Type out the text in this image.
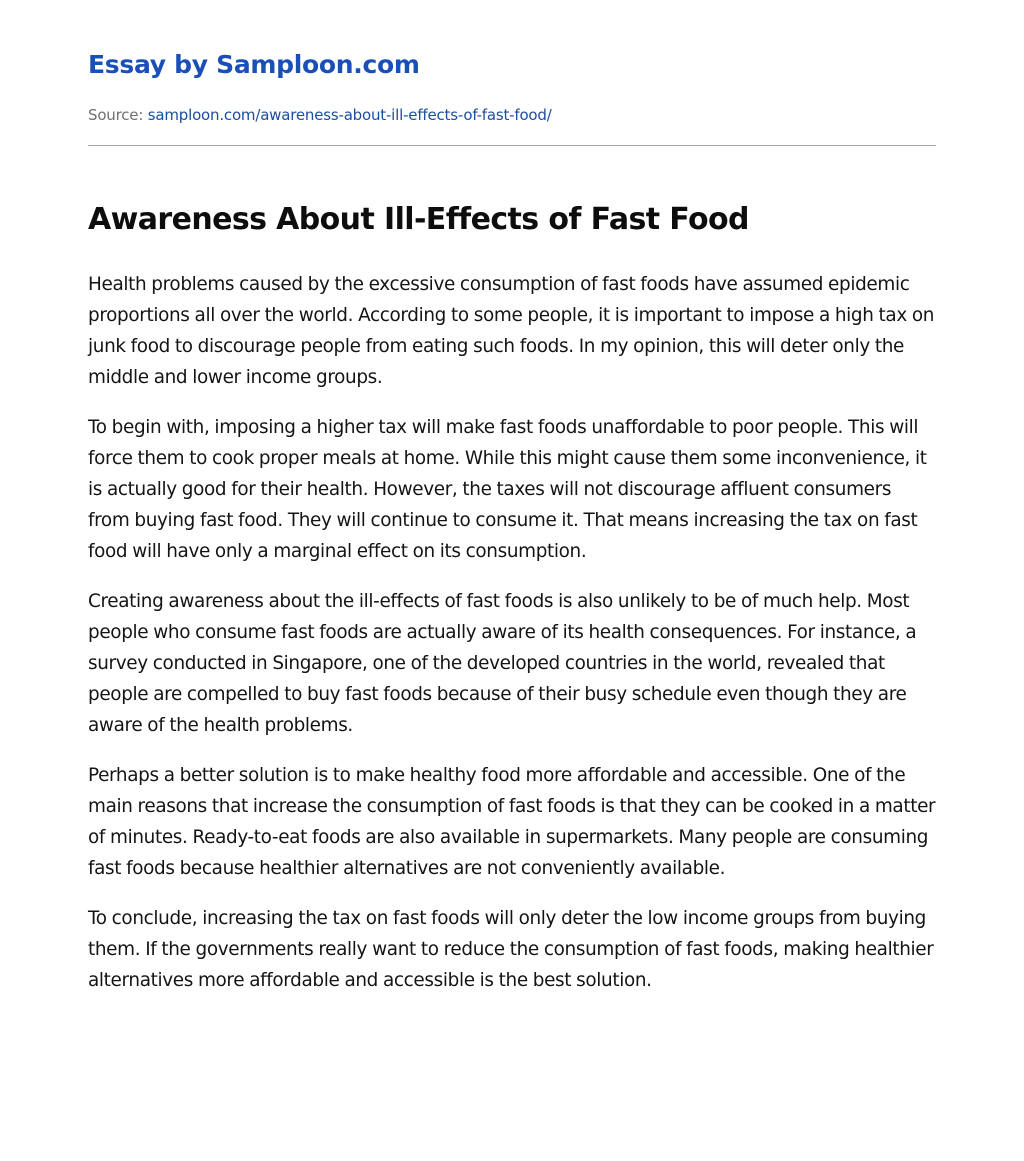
Essay by Samploon.com
Source: samploon.com/awareness-about-ill-effects-of-fast-food/
Awareness About Ill-Effects of Fast Food

Health problems caused by the excessive consumption of fast foods have assumed epidemic proportions all over the world. According to some people, it is important to impose a high tax on junk food to discourage people from eating such foods. In my opinion, this will deter only the middle and lower income groups.

To begin with, imposing a higher tax will make fast foods unaffordable to poor people. This will force them to cook proper meals at home. While this might cause them some inconvenience, it is actually good for their health. However, the taxes will not discourage affluent consumers from buying fast food. They will continue to consume it. That means increasing the tax on fast food will have only a marginal effect on its consumption.

Creating awareness about the ill-effects of fast foods is also unlikely to be of much help. Most people who consume fast foods are actually aware of its health consequences. For instance, a survey conducted in Singapore, one of the developed countries in the world, revealed that people are compelled to buy fast foods because of their busy schedule even though they are aware of the health problems.

Perhaps a better solution is to make healthy food more affordable and accessible. One of the main reasons that increase the consumption of fast foods is that they can be cooked in a matter of minutes. Ready-to-eat foods are also available in supermarkets. Many people are consuming fast foods because healthier alternatives are not conveniently available.

To conclude, increasing the tax on fast foods will only deter the low income groups from buying them. If the governments really want to reduce the consumption of fast foods, making healthier alternatives more affordable and accessible is the best solution.
